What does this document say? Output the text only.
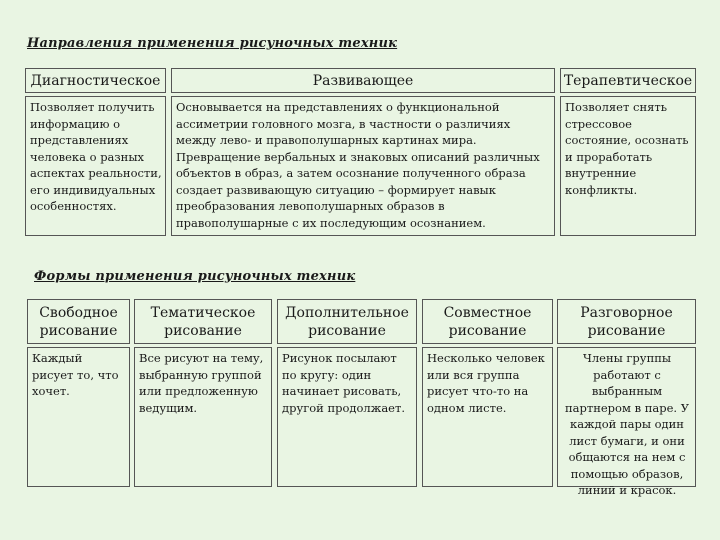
Направления применения рисуночных техник
Диагностическое	Развивающее	Терапевтическое
Позволяет получить информацию о представлениях человека о разных аспектах реальности, его индивидуальных особенностях.
Основывается на представлениях о функциональной ассиметрии головного мозга, в частности о различиях между лево- и правополушарных картинах мира. Превращение вербальных и знаковых описаний различных объектов в образ, а затем осознание полученного образа создает развивающую ситуацию – формирует навык преобразования левополушарных образов в правополушарные с их последующим осознанием.
Позволяет снять стрессовое состояние, осознать и проработать внутренние конфликты.
Формы применения рисуночных техник
Свободное рисование
Тематическое рисование
Дополнительное рисование
Совместное рисование
Разговорное рисование
Каждый рисует то, что хочет.
Все рисуют на тему, выбранную группой или предложенную ведущим.
Рисунок посылают по кругу: один начинает рисовать, другой продолжает.
Несколько человек или вся группа рисует что-то на одном листе.
Члены группы работают с выбранным партнером в паре. У каждой пары один лист бумаги, и они общаются на нем с помощью образов, линий и красок.
